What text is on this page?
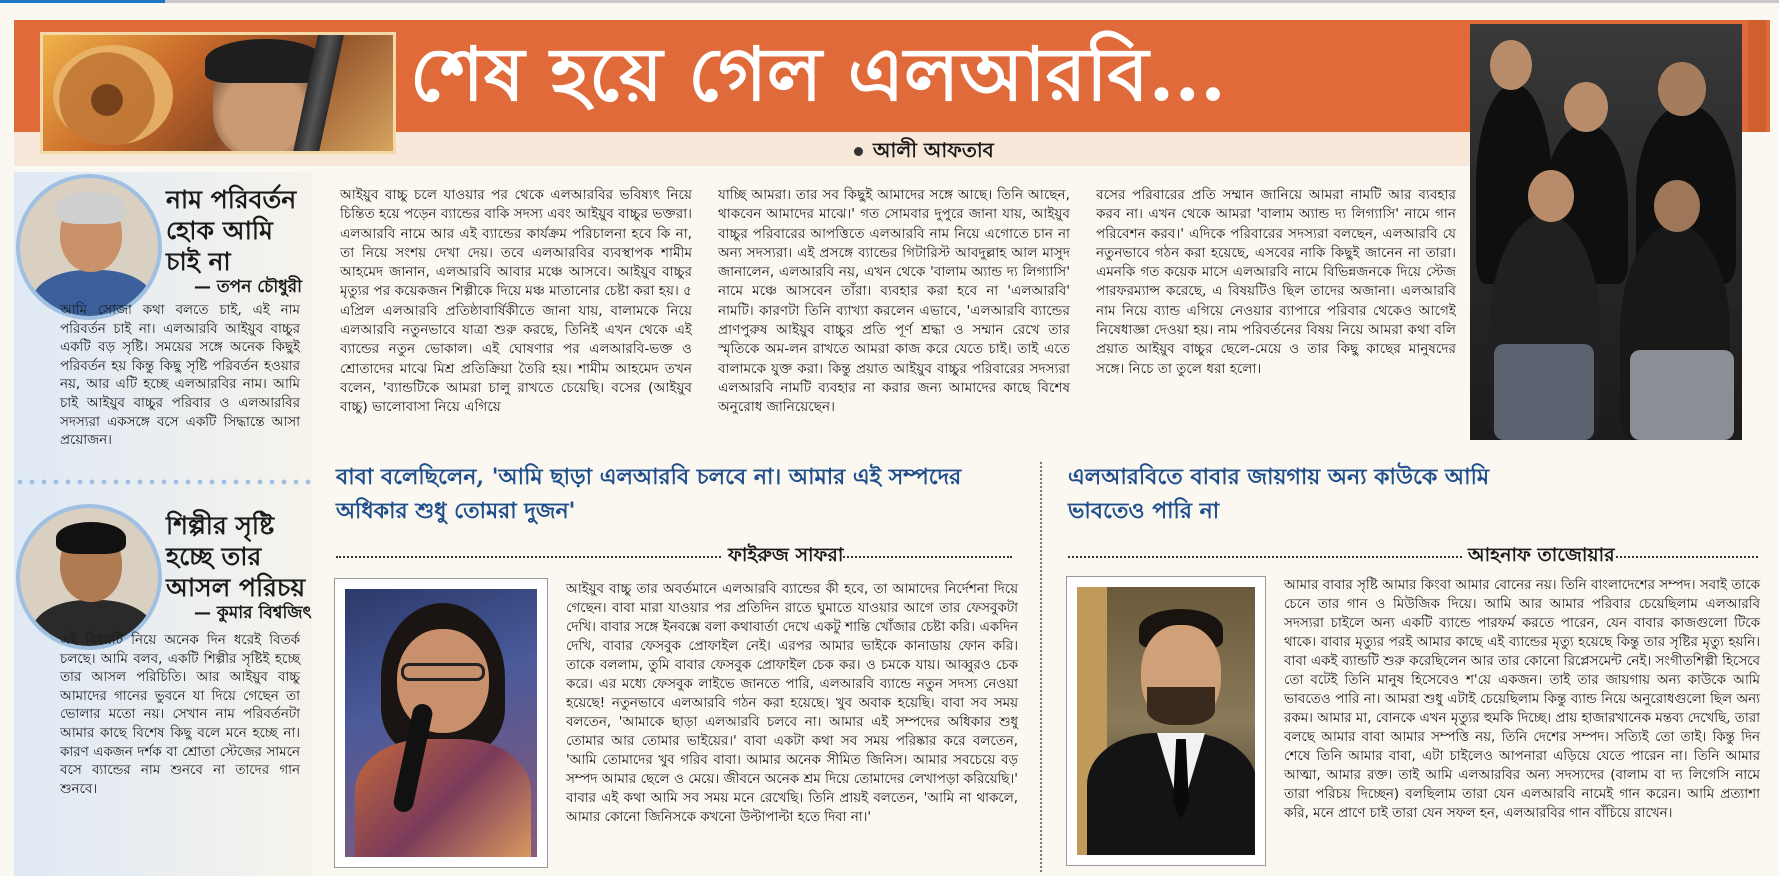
শেষ হয়ে গেল এলআরবি...
আলী আফতাব
আইয়ুব বাচ্চু চলে যাওয়ার পর থেকে এলআরবির ভবিষ্যৎ নিয়ে চিন্তিত হয়ে পড়েন ব্যান্ডের বাকি সদস্য এবং আইয়ুব বাচ্চুর ভক্তরা। এলআরবি নামে আর এই ব্যান্ডের কার্যক্রম পরিচালনা হবে কি না, তা নিয়ে সংশয় দেখা দেয়। তবে এলআরবির ব্যবস্থাপক শামীম আহমেদ জানান, এলআরবি আবার মঞ্চে আসবে। আইয়ুব বাচ্চুর মৃত্যুর পর কয়েকজন শিল্পীকে দিয়ে মঞ্চ মাতানোর চেষ্টা করা হয়। ৫ এপ্রিল এলআরবি প্রতিষ্ঠাবার্ষিকীতে জানা যায়, বালামকে নিয়ে এলআরবি নতুনভাবে যাত্রা শুরু করছে, তিনিই এখন থেকে এই ব্যান্ডের নতুন ভোকাল। এই ঘোষণার পর এলআরবি-ভক্ত ও শ্রোতাদের মাঝে মিশ্র প্রতিক্রিয়া তৈরি হয়। শামীম আহমেদ তখন বলেন, 'ব্যান্ডটিকে আমরা চালু রাখতে চেয়েছি। বসের (আইয়ুব বাচ্চু) ভালোবাসা নিয়ে এগিয়ে
যাচ্ছি আমরা। তার সব কিছুই আমাদের সঙ্গে আছে। তিনি আছেন, থাকবেন আমাদের মাঝে।' গত সোমবার দুপুরে জানা যায়, আইয়ুব বাচ্চুর পরিবারের আপত্তিতে এলআরবি নাম নিয়ে এগোতে চান না অন্য সদস্যরা। এই প্রসঙ্গে ব্যান্ডের গিটারিস্ট আবদুল্লাহ আল মাসুদ জানালেন, এলআরবি নয়, এখন থেকে 'বালাম অ্যান্ড দ্য লিগ্যাসি' নামে মঞ্চে আসবেন তাঁরা। ব্যবহার করা হবে না 'এলআরবি' নামটি। কারণটা তিনি ব্যাখ্যা করলেন এভাবে, 'এলআরবি ব্যান্ডের প্রাণপুরুষ আইয়ুব বাচ্চুর প্রতি পূর্ণ শ্রদ্ধা ও সম্মান রেখে তার স্মৃতিকে অম-লন রাখতে আমরা কাজ করে যেতে চাই। তাই এতে বালামকে যুক্ত করা। কিন্তু প্রয়াত আইয়ুব বাচ্চুর পরিবারের সদস্যরা এলআরবি নামটি ব্যবহার না করার জন্য আমাদের কাছে বিশেষ অনুরোধ জানিয়েছেন।
বসের পরিবারের প্রতি সম্মান জানিয়ে আমরা নামটি আর ব্যবহার করব না। এখন থেকে আমরা 'বালাম অ্যান্ড দ্য লিগ্যাসি' নামে গান পরিবেশন করব।' এদিকে পরিবারের সদস্যরা বলছেন, এলআরবি যে নতুনভাবে গঠন করা হয়েছে, এসবের নাকি কিছুই জানেন না তারা। এমনকি গত কয়েক মাসে এলআরবি নামে বিভিন্নজনকে দিয়ে স্টেজ পারফরম্যান্স করেছে, এ বিষয়টিও ছিল তাদের অজানা। এলআরবি নাম নিয়ে ব্যান্ড এগিয়ে নেওয়ার ব্যাপারে পরিবার থেকেও আগেই নিষেধাজ্ঞা দেওয়া হয়। নাম পরিবর্তনের বিষয় নিয়ে আমরা কথা বলি প্রয়াত আইয়ুব বাচ্চুর ছেলে-মেয়ে ও তার কিছু কাছের মানুষদের সঙ্গে। নিচে তা তুলে ধরা হলো।
নাম পরিবর্তন হোক আমি চাই না
— তপন চৌধুরী
আমি সোজা কথা বলতে চাই, এই নাম পরিবর্তন চাই না। এলআরবি আইয়ুব বাচ্চুর একটি বড় সৃষ্টি। সময়ের সঙ্গে অনেক কিছুই পরিবর্তন হয় কিন্তু কিছু সৃষ্টি পরিবর্তন হওয়ার নয়, আর এটি হচ্ছে এলআরবির নাম। আমি চাই আইয়ুব বাচ্চুর পরিবার ও এলআরবির সদস্যরা একসঙ্গে বসে একটি সিদ্ধান্তে আসা প্রয়োজন।
শিল্পীর সৃষ্টি হচ্ছে তার আসল পরিচয়
— কুমার বিশ্বজিৎ
এই বিষয়টি নিয়ে অনেক দিন ধরেই বিতর্ক চলছে। আমি বলব, একটি শিল্পীর সৃষ্টিই হচ্ছে তার আসল পরিচিতি। আর আইয়ুব বাচ্চু আমাদের গানের ভুবনে যা দিয়ে গেছেন তা ভোলার মতো নয়। সেখান নাম পরিবর্তনটা আমার কাছে বিশেষ কিছু বলে মনে হচ্ছে না। কারণ একজন দর্শক বা শ্রোতা স্টেজের সামনে বসে ব্যান্ডের নাম শুনবে না তাদের গান শুনবে।
বাবা বলেছিলেন, 'আমি ছাড়া এলআরবি চলবে না। আমার এই সম্পদের অধিকার শুধু তোমরা দুজন'
ফাইরুজ সাফরা
আইয়ুব বাচ্চু তার অবর্তমানে এলআরবি ব্যান্ডের কী হবে, তা আমাদের নির্দেশনা দিয়ে গেছেন। বাবা মারা যাওয়ার পর প্রতিদিন রাতে ঘুমাতে যাওয়ার আগে তার ফেসবুকটা দেখি। বাবার সঙ্গে ইনবক্সে বলা কথাবার্তা দেখে একটু শান্তি খোঁজার চেষ্টা করি। একদিন দেখি, বাবার ফেসবুক প্রোফাইল নেই। এরপর আমার ভাইকে কানাডায় ফোন করি। তাকে বললাম, তুমি বাবার ফেসবুক প্রোফাইল চেক কর। ও চমকে যায়। আব্বুরও চেক করে। এর মধ্যে ফেসবুক লাইভে জানতে পারি, এলআরবি ব্যান্ডে নতুন সদস্য নেওয়া হয়েছে! নতুনভাবে এলআরবি গঠন করা হয়েছে। খুব অবাক হয়েছি। বাবা সব সময় বলতেন, 'আমাকে ছাড়া এলআরবি চলবে না। আমার এই সম্পদের অধিকার শুধু তোমার আর তোমার ভাইয়ের।' বাবা একটা কথা সব সময় পরিষ্কার করে বলতেন, 'আমি তোমাদের খুব গরিব বাবা। আমার অনেক সীমিত জিনিস। আমার সবচেয়ে বড় সম্পদ আমার ছেলে ও মেয়ে। জীবনে অনেক শ্রম দিয়ে তোমাদের লেখাপড়া করিয়েছি।' বাবার এই কথা আমি সব সময় মনে রেখেছি। তিনি প্রায়ই বলতেন, 'আমি না থাকলে, আমার কোনো জিনিসকে কখনো উল্টাপাল্টা হতে দিবা না।'
এলআরবিতে বাবার জায়গায় অন্য কাউকে আমি ভাবতেও পারি না
আহনাফ তাজোয়ার
আমার বাবার সৃষ্টি আমার কিংবা আমার বোনের নয়। তিনি বাংলাদেশের সম্পদ। সবাই তাকে চেনে তার গান ও মিউজিক দিয়ে। আমি আর আমার পরিবার চেয়েছিলাম এলআরবি সদস্যরা চাইলে অন্য একটি ব্যান্ডে পারফর্ম করতে পারেন, যেন বাবার কাজগুলো টিকে থাকে। বাবার মৃত্যুর পরই আমার কাছে এই ব্যান্ডের মৃত্যু হয়েছে কিন্তু তার সৃষ্টির মৃত্যু হয়নি। বাবা একই ব্যান্ডটি শুরু করেছিলেন আর তার কোনো রিপ্লেসমেন্ট নেই। সংগীতশিল্পী হিসেবে তো বটেই তিনি মানুষ হিসেবেও শ'য়ে একজন। তাই তার জায়গায় অন্য কাউকে আমি ভাবতেও পারি না। আমরা শুধু এটাই চেয়েছিলাম কিন্তু ব্যান্ড নিয়ে অনুরোধগুলো ছিল অন্য রকম। আমার মা, বোনকে এখন মৃত্যুর হুমকি দিচ্ছে। প্রায় হাজারখানেক মন্তব্য দেখেছি, তারা বলছে আমার বাবা আমার সম্পত্তি নয়, তিনি দেশের সম্পদ। সত্যিই তো তাই। কিন্তু দিন শেষে তিনি আমার বাবা, এটা চাইলেও আপনারা এড়িয়ে যেতে পারেন না। তিনি আমার আত্মা, আমার রক্ত। তাই আমি এলআরবির অন্য সদস্যদের (বালাম বা দ্য লিগেসি নামে তারা পরিচয় দিচ্ছেন) বলছিলাম তারা যেন এলআরবি নামেই গান করেন। আমি প্রত্যাশা করি, মনে প্রাণে চাই তারা যেন সফল হন, এলআরবির গান বাঁচিয়ে রাখেন।
